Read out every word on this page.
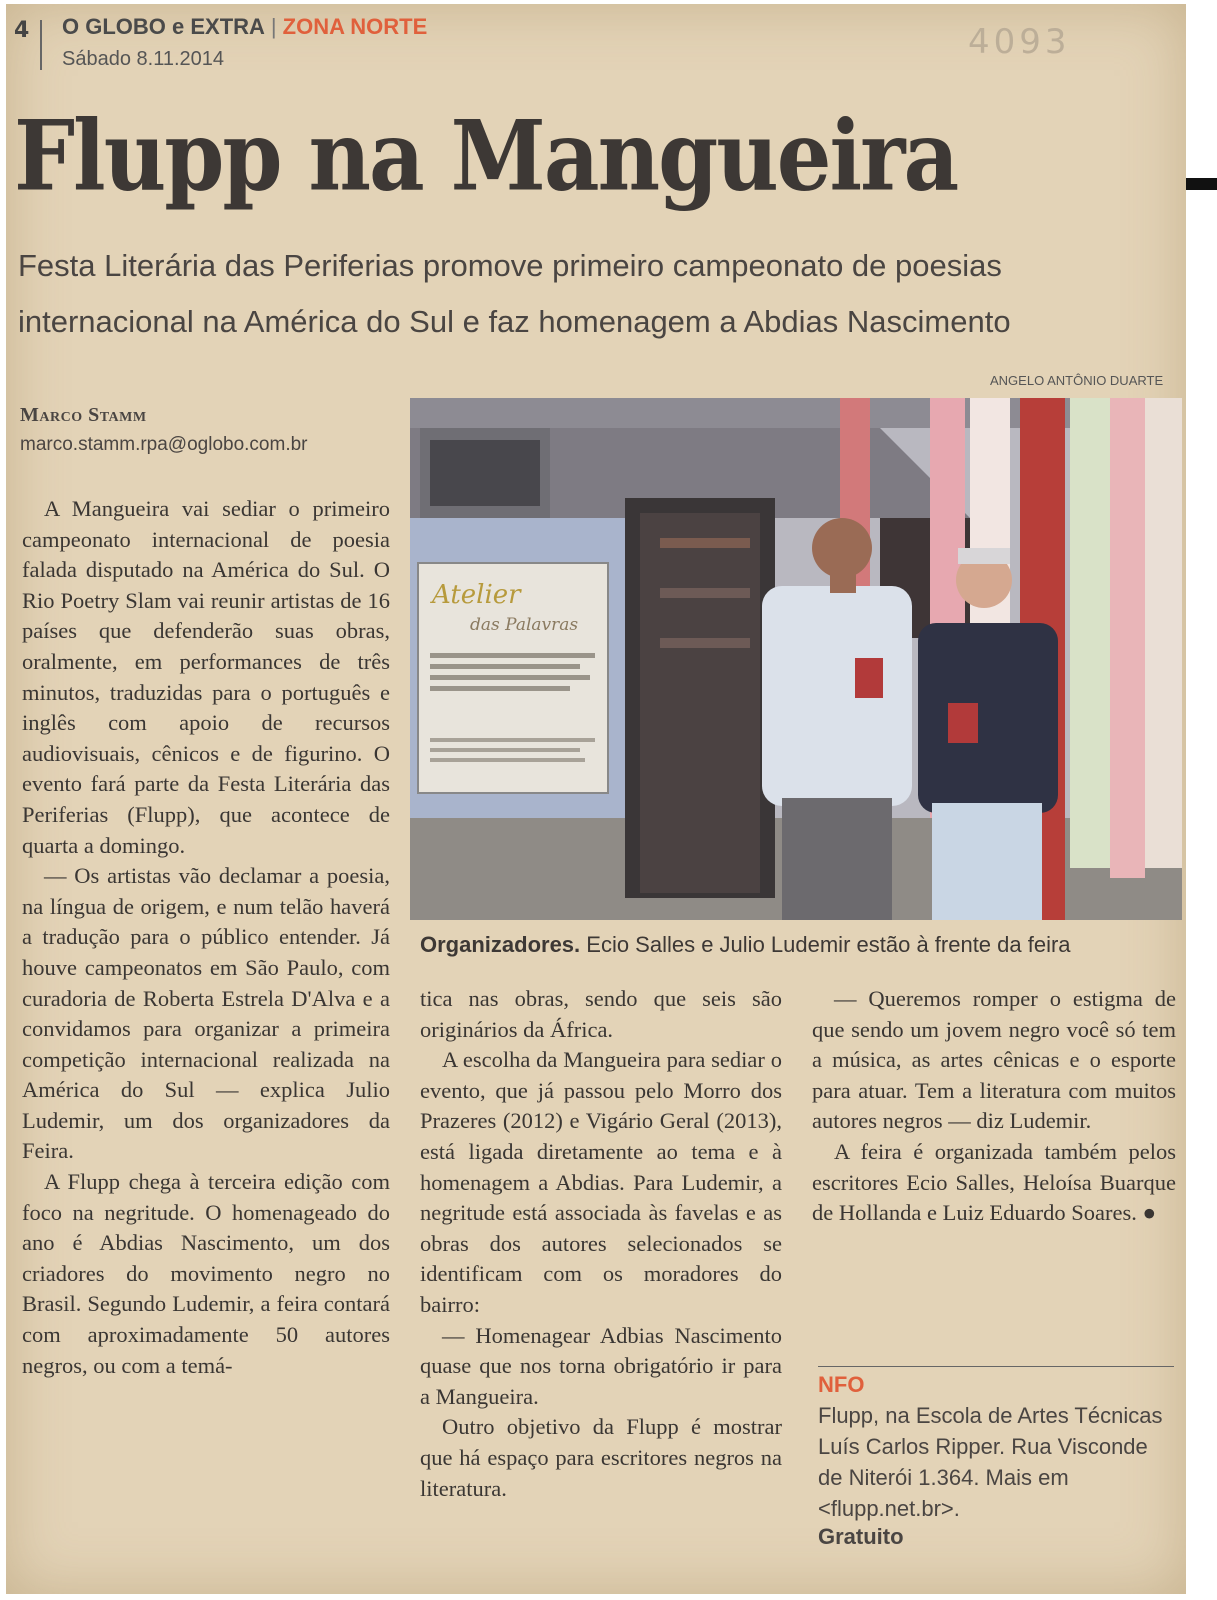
4 O GLOBO e EXTRA | ZONA NORTE
Sábado 8.11.2014	4093
Flupp na Mangueira
Festa Literária das Periferias promove primeiro campeonato de poesias internacional na América do Sul e faz homenagem a Abdias Nascimento
ANGELO ANTÔNIO DUARTE
Marco Stamm
marco.stamm.rpa@oglobo.com.br

A Mangueira vai sediar o primeiro campeonato internacional de poesia falada disputado na América do Sul. O Rio Poetry Slam vai reunir artistas de 16 países que defenderão suas obras, oralmente, em performances de três minutos, traduzidas para o português e inglês com apoio de recursos audiovisuais, cênicos e de figurino. O evento fará parte da Festa Literária das Periferias (Flupp), que acontece de quarta a domingo.

— Os artistas vão declamar a poesia, na língua de origem, e num telão haverá a tradução para o público entender. Já houve campeonatos em São Paulo, com curadoria de Roberta Estrela D'Alva e a convidamos para organizar a primeira competição internacional realizada na América do Sul — explica Julio Ludemir, um dos organizadores da Feira.

A Flupp chega à terceira edição com foco na negritude. O homenageado do ano é Abdias Nascimento, um dos criadores do movimento negro no Brasil. Segundo Ludemir, a feira contará com aproximadamente 50 autores negros, ou com a temá-

Atelier
das Palavras
Organizadores. Ecio Salles e Julio Ludemir estão à frente da feira

tica nas obras, sendo que seis são originários da África.

A escolha da Mangueira para sediar o evento, que já passou pelo Morro dos Prazeres (2012) e Vigário Geral (2013), está ligada diretamente ao tema e à homenagem a Abdias. Para Ludemir, a negritude está associada às favelas e as obras dos autores selecionados se identificam com os moradores do bairro:

— Homenagear Adbias Nascimento quase que nos torna obrigatório ir para a Mangueira.

Outro objetivo da Flupp é mostrar que há espaço para escritores negros na literatura.

— Queremos romper o estigma de que sendo um jovem negro você só tem a música, as artes cênicas e o esporte para atuar. Tem a literatura com muitos autores negros — diz Ludemir.

A feira é organizada também pelos escritores Ecio Salles, Heloísa Buarque de Hollanda e Luiz Eduardo Soares. ●

NFO
Flupp, na Escola de Artes Técnicas Luís Carlos Ripper. Rua Visconde de Niterói 1.364. Mais em <flupp.net.br>.
Gratuito
